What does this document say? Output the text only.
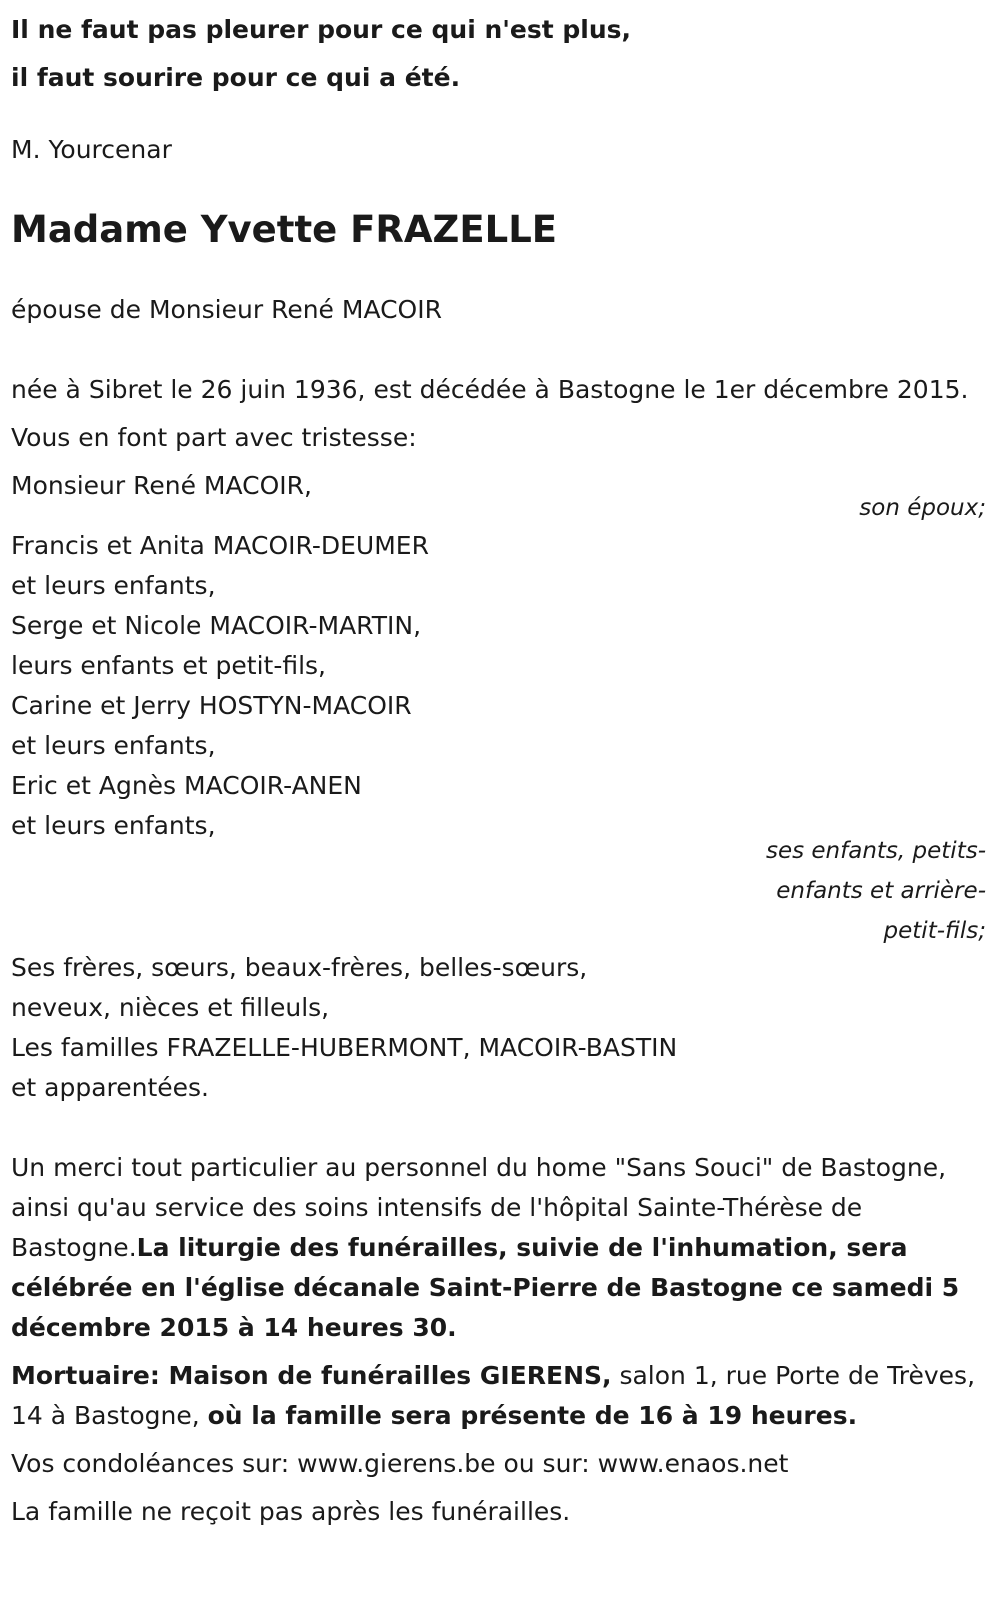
Il ne faut pas pleurer pour ce qui n'est plus,

il faut sourire pour ce qui a été.

M. Yourcenar

Madame Yvette FRAZELLE

épouse de Monsieur René MACOIR

née à Sibret le 26 juin 1936, est décédée à Bastogne le 1er décembre 2015.

Vous en font part avec tristesse:

Monsieur René MACOIR,

son époux;

Francis et Anita MACOIR-DEUMER

et leurs enfants,

Serge et Nicole MACOIR-MARTIN,

leurs enfants et petit-fils,

Carine et Jerry HOSTYN-MACOIR

et leurs enfants,

Eric et Agnès MACOIR-ANEN

et leurs enfants,

ses enfants, petits-

enfants et arrière-

petit-fils;

Ses frères, sœurs, beaux-frères, belles-sœurs,

neveux, nièces et filleuls,

Les familles FRAZELLE-HUBERMONT, MACOIR-BASTIN

et apparentées.

Un merci tout particulier au personnel du home "Sans Souci" de Bastogne, ainsi qu'au service des soins intensifs de l'hôpital Sainte-Thérèse de Bastogne.La liturgie des funérailles, suivie de l'inhumation, sera célébrée en l'église décanale Saint-Pierre de Bastogne ce samedi 5 décembre 2015 à 14 heures 30.

Mortuaire: Maison de funérailles GIERENS, salon 1, rue Porte de Trèves, 14 à Bastogne, où la famille sera présente de 16 à 19 heures.

Vos condoléances sur: www.gierens.be ou sur: www.enaos.net

La famille ne reçoit pas après les funérailles.
